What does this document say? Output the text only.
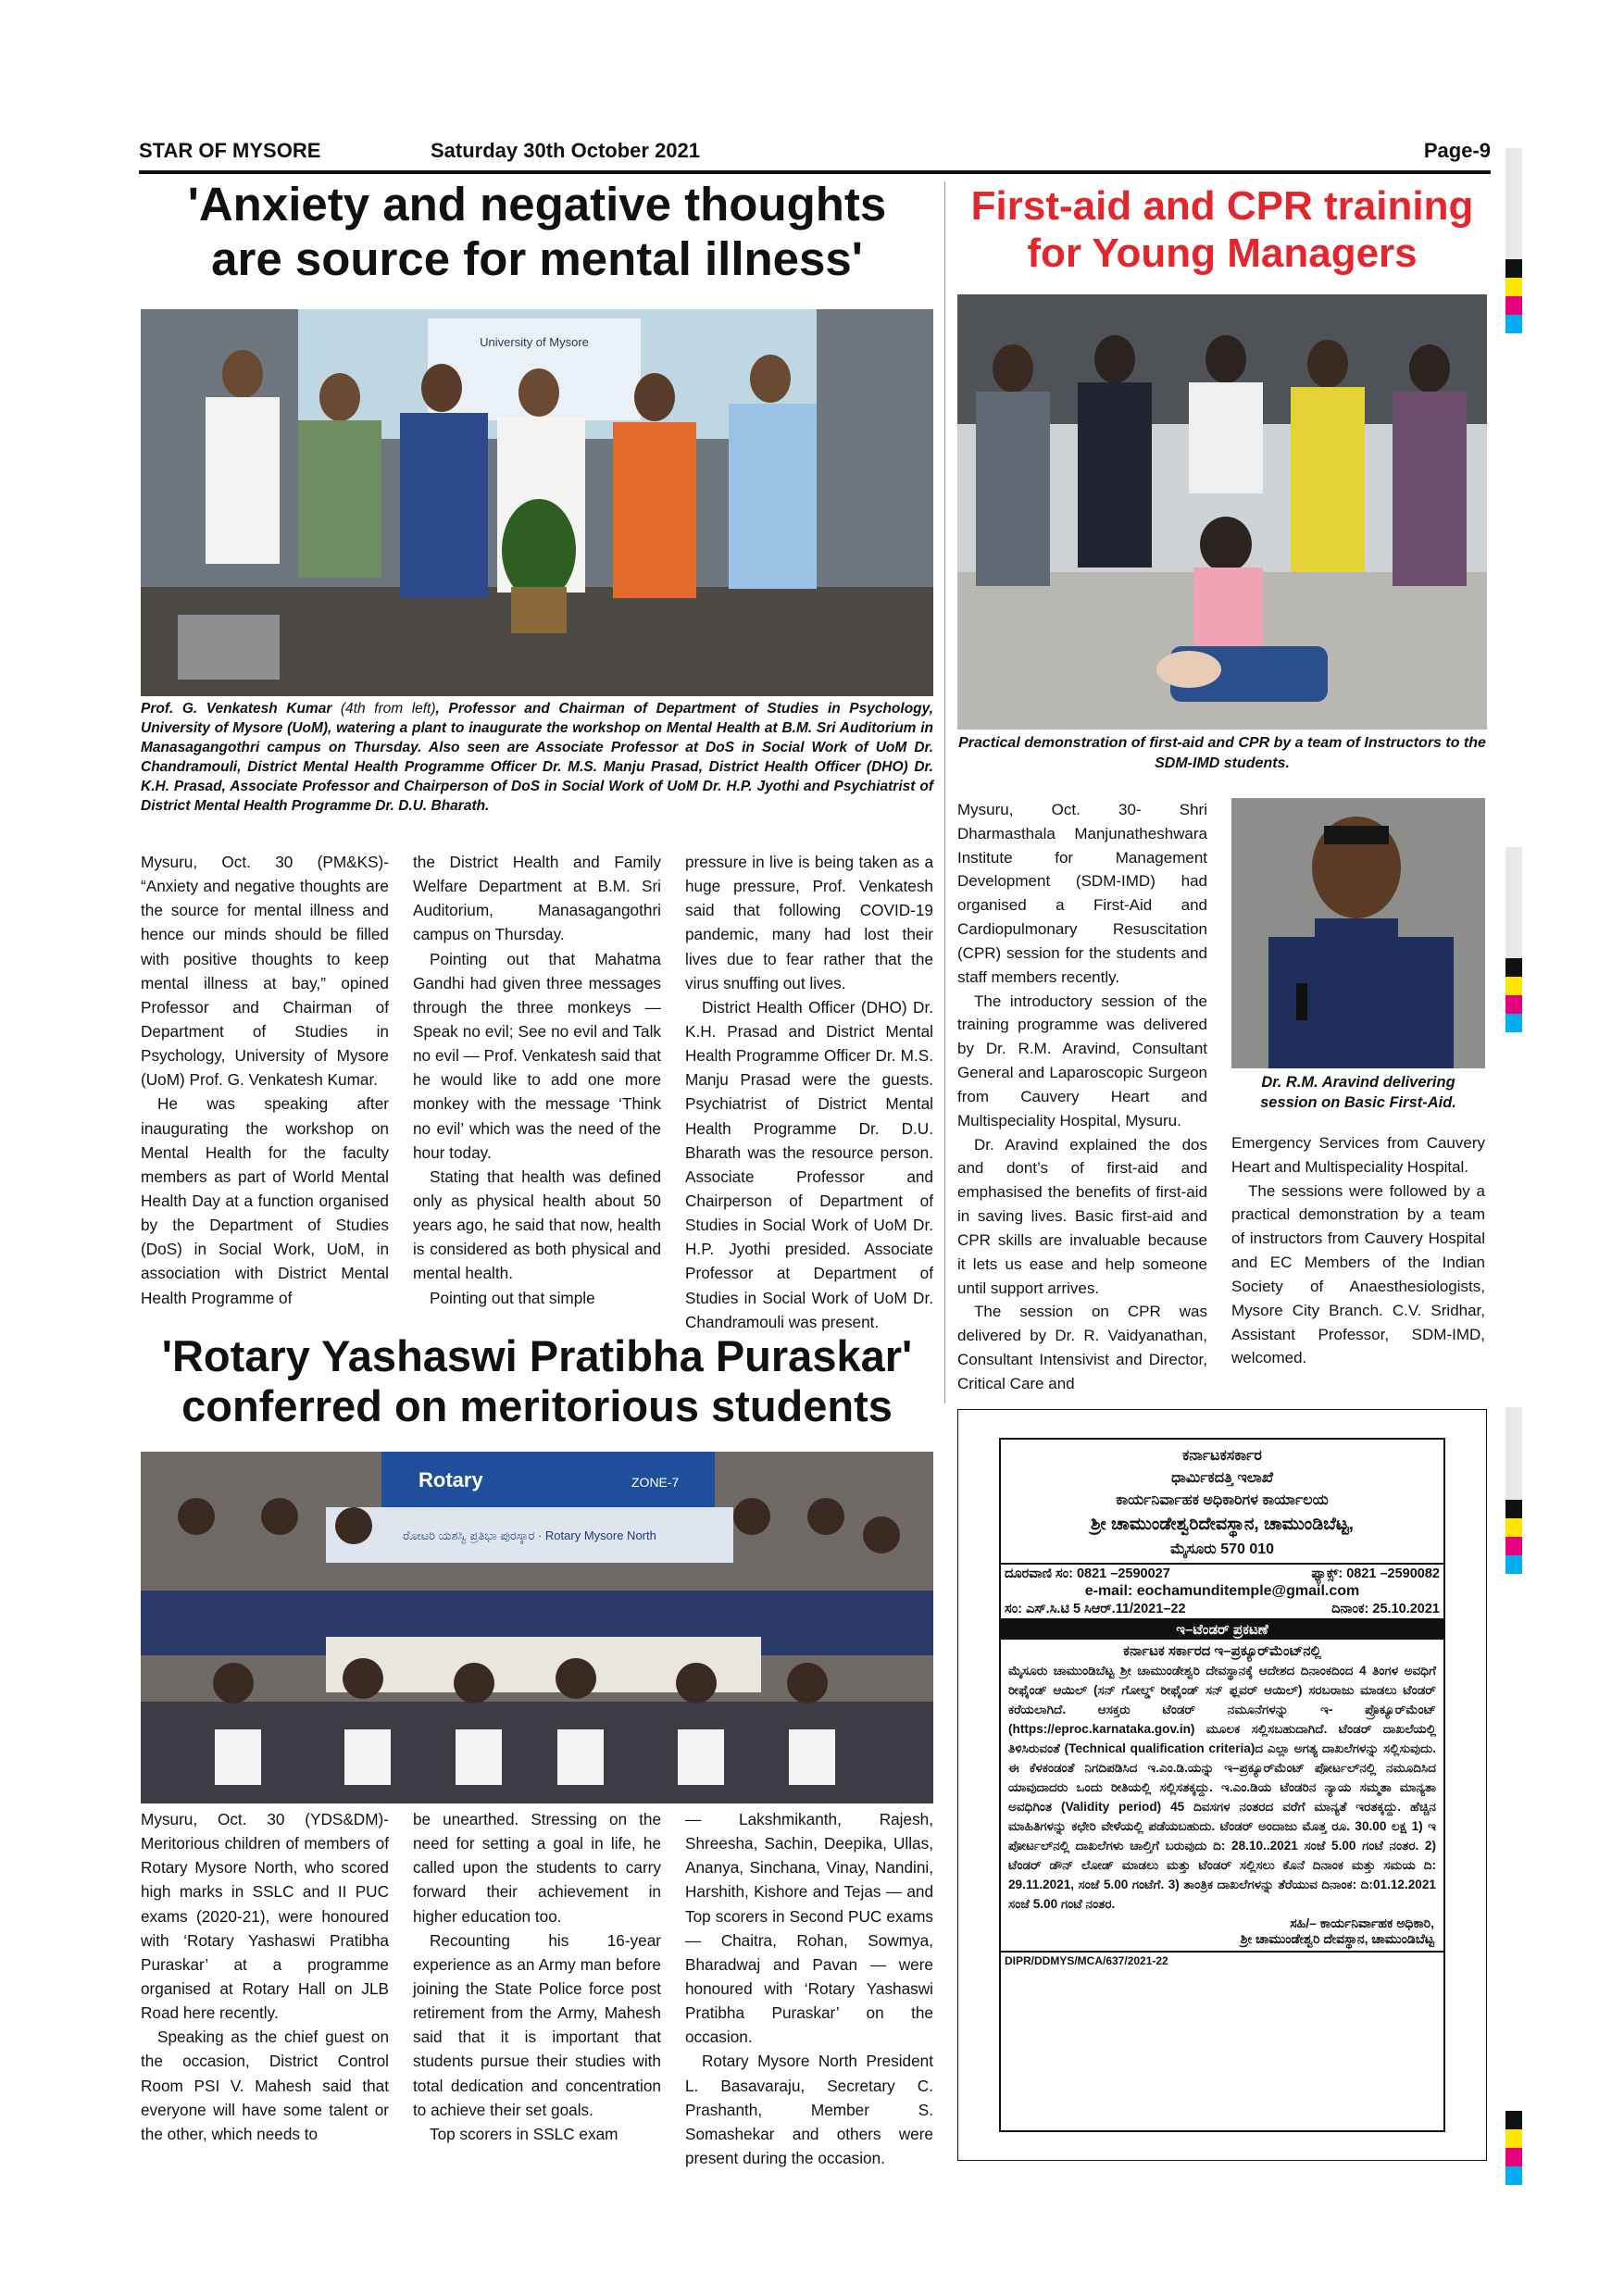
STAR OF MYSORE	Saturday 30th October 2021	Page-9
'Anxiety and negative thoughts
are source for mental illness'
University of Mysore
Prof. G. Venkatesh Kumar (4th from left), Professor and Chairman of Department of Studies in Psychology, University of Mysore (UoM), watering a plant to inaugurate the workshop on Mental Health at B.M. Sri Auditorium in Manasagangothri campus on Thursday. Also seen are Associate Professor at DoS in Social Work of UoM Dr. Chandramouli, District Mental Health Programme Officer Dr. M.S. Manju Prasad, District Health Officer (DHO) Dr. K.H. Prasad, Associate Professor and Chairperson of DoS in Social Work of UoM Dr. H.P. Jyothi and Psychiatrist of District Mental Health Programme Dr. D.U. Bharath.

Mysuru, Oct. 30 (PM&KS)- “Anxiety and negative thoughts are the source for mental illness and hence our minds should be filled with positive thoughts to keep mental illness at bay,” opined Professor and Chairman of Department of Studies in Psychology, University of Mysore (UoM) Prof. G. Venkatesh Kumar.

He was speaking after inaugurating the workshop on Mental Health for the faculty members as part of World Mental Health Day at a function organised by the Department of Studies (DoS) in Social Work, UoM, in association with District Mental Health Programme of

the District Health and Family Welfare Department at B.M. Sri Auditorium, Manasagangothri campus on Thursday.

Pointing out that Mahatma Gandhi had given three messages through the three monkeys — Speak no evil; See no evil and Talk no evil — Prof. Venkatesh said that he would like to add one more monkey with the message ‘Think no evil’ which was the need of the hour today.

Stating that health was defined only as physical health about 50 years ago, he said that now, health is considered as both physical and mental health.

Pointing out that simple

pressure in live is being taken as a huge pressure, Prof. Venkatesh said that following COVID-19 pandemic, many had lost their lives due to fear rather that the virus snuffing out lives.

District Health Officer (DHO) Dr. K.H. Prasad and District Mental Health Programme Officer Dr. M.S. Manju Prasad were the guests. Psychiatrist of District Mental Health Programme Dr. D.U. Bharath was the resource person. Associate Professor and Chairperson of Department of Studies in Social Work of UoM Dr. H.P. Jyothi presided. Associate Professor at Department of Studies in Social Work of UoM Dr. Chandramouli was present.

First-aid and CPR training
for Young Managers
Practical demonstration of first-aid and CPR by a team of Instructors to the SDM-IMD students.

Mysuru, Oct. 30- Shri Dharmasthala Manjunatheshwara Institute for Management Development (SDM-IMD) had organised a First-Aid and Cardiopulmonary Resuscitation (CPR) session for the students and staff members recently.

The introductory session of the training programme was delivered by Dr. R.M. Aravind, Consultant General and Laparoscopic Surgeon from Cauvery Heart and Multispeciality Hospital, Mysuru.

Dr. Aravind explained the dos and dont’s of first-aid and emphasised the benefits of first-aid in saving lives. Basic first-aid and CPR skills are invaluable because it lets us ease and help someone until support arrives.

The session on CPR was delivered by Dr. R. Vaidyanathan, Consultant Intensivist and Director, Critical Care and

Dr. R.M. Aravind delivering session on Basic First-Aid.

Emergency Services from Cauvery Heart and Multispeciality Hospital.

The sessions were followed by a practical demonstration by a team of instructors from Cauvery Hospital and EC Members of the Indian Society of Anaesthesiologists, Mysore City Branch. C.V. Sridhar, Assistant Professor, SDM-IMD, welcomed.

'Rotary Yashaswi Pratibha Puraskar'
conferred on meritorious students
Rotary	ZONE-7
ರೋಟರಿ ಯಶಸ್ವಿ ಪ್ರತಿಭಾ ಪುರಸ್ಕಾರ · Rotary Mysore North

Mysuru, Oct. 30 (YDS&DM)- Meritorious children of members of Rotary Mysore North, who scored high marks in SSLC and II PUC exams (2020-21), were honoured with ‘Rotary Yashaswi Pratibha Puraskar’ at a programme organised at Rotary Hall on JLB Road here recently.

Speaking as the chief guest on the occasion, District Control Room PSI V. Mahesh said that everyone will have some talent or the other, which needs to

be unearthed. Stressing on the need for setting a goal in life, he called upon the students to carry forward their achievement in higher education too.

Recounting his 16-year experience as an Army man before joining the State Police force post retirement from the Army, Mahesh said that it is important that students pursue their studies with total dedication and concentration to achieve their set goals.

Top scorers in SSLC exam

— Lakshmikanth, Rajesh, Shreesha, Sachin, Deepika, Ullas, Ananya, Sinchana, Vinay, Nandini, Harshith, Kishore and Tejas — and Top scorers in Second PUC exams — Chaitra, Rohan, Sowmya, Bharadwaj and Pavan — were honoured with ‘Rotary Yashaswi Pratibha Puraskar’ on the occasion.

Rotary Mysore North President L. Basavaraju, Secretary C. Prashanth, Member S. Somashekar and others were present during the occasion.

ಕರ್ನಾಟಕಸರ್ಕಾರ
ಧಾರ್ಮಿಕದತ್ತಿ ಇಲಾಖೆ
ಕಾರ್ಯನಿರ್ವಾಹಕ ಅಧಿಕಾರಿಗಳ ಕಾರ್ಯಾಲಯ
ಶ್ರೀ ಚಾಮುಂಡೇಶ್ವರಿದೇವಸ್ಥಾನ, ಚಾಮುಂಡಿಬೆಟ್ಟ,
ಮೈಸೂರು 570 010
ದೂರವಾಣಿ ಸಂ: 0821 –2590027	ಫ್ಯಾಕ್ಸ್: 0821 –2590082
e-mail: eochamunditemple@gmail.com
ಸಂ: ಎಸ್.ಸಿ.ಟಿ 5 ಸಿಆರ್.11/2021–22	ದಿನಾಂಕ: 25.10.2021
ಇ–ಟೆಂಡರ್ ಪ್ರಕಟಣೆ
ಕರ್ನಾಟಕ ಸರ್ಕಾರದ ಇ–ಪ್ರಕ್ಯೂರ್‌ಮೆಂಟ್‌ನಲ್ಲಿ
ಮೈಸೂರು ಚಾಮುಂಡಿಬೆಟ್ಟ ಶ್ರೀ ಚಾಮುಂಡೇಶ್ವರಿ ದೇವಸ್ಥಾನಕ್ಕೆ ಆದೇಶದ ದಿನಾಂಕದಿಂದ 4 ತಿಂಗಳ ಅವಧಿಗೆ ರೀಫೈಂಡ್ ಆಯಿಲ್ (ಸನ್ ಗೋಲ್ಡ್ ರೀಫೈಂಡ್ ಸನ್ ಫ್ಲವರ್ ಆಯಿಲ್) ಸರಬರಾಜು ಮಾಡಲು ಟೆಂಡರ್ ಕರೆಯಲಾಗಿದೆ. ಆಸಕ್ತರು ಟೆಂಡರ್ ನಮೂನೆಗಳನ್ನು ಇ- ಪ್ರೊಕ್ಯೂರ್‌ಮೆಂಟ್ (https://eproc.karnataka.gov.in) ಮೂಲಕ ಸಲ್ಲಿಸಬಹುದಾಗಿದೆ. ಟೆಂಡರ್ ದಾಖಲೆಯಲ್ಲಿ ತಿಳಿಸಿರುವಂತೆ (Technical qualification criteria)ದ ಎಲ್ಲಾ ಅಗತ್ಯ ದಾಖಲೆಗಳನ್ನು ಸಲ್ಲಿಸುವುದು. ಈ ಕೆಳಕಂಡಂತೆ ನಿಗದಿಪಡಿಸಿದ ಇ.ಎಂ.ಡಿ.ಯನ್ನು ಇ–ಪ್ರಕ್ಯೂರ್‌ಮೆಂಟ್ ಪೋರ್ಟಲ್‌ನಲ್ಲಿ ನಮೂದಿಸಿದ ಯಾವುದಾದರು ಒಂದು ರೀತಿಯಲ್ಲಿ ಸಲ್ಲಿಸತಕ್ಕದ್ದು. ಇ.ಎಂ.ಡಿಯ ಟೆಂಡರಿನ ನ್ಯಾಯ ಸಮ್ಮತಾ ಮಾನ್ಯತಾ ಅವಧಿಗಿಂತ (Validity period) 45 ದಿವಸಗಳ ನಂತರದ ವರೆಗೆ ಮಾನ್ಯತೆ ಇರತಕ್ಕದ್ದು. ಹೆಚ್ಚಿನ ಮಾಹಿತಿಗಳನ್ನು ಕಛೇರಿ ವೇಳೆಯಲ್ಲಿ ಪಡೆಯಬಹುದು. ಟೆಂಡರ್ ಅಂದಾಜು ಮೊತ್ತ ರೂ. 30.00 ಲಕ್ಷ 1) ಇ ಪೋರ್ಟಲ್‌ನಲ್ಲಿ ದಾಖಲೆಗಳು ಚಾಲ್ತಿಗೆ ಬರುವುದು ದಿ: 28.10..2021 ಸಂಜೆ 5.00 ಗಂಟೆ ನಂತರ. 2) ಟೆಂಡರ್ ಡೌನ್ ಲೋಡ್ ಮಾಡಲು ಮತ್ತು ಟೆಂಡರ್ ಸಲ್ಲಿಸಲು ಕೊನೆ ದಿನಾಂಕ ಮತ್ತು ಸಮಯ ದಿ: 29.11.2021, ಸಂಜೆ 5.00 ಗಂಟೆಗೆ. 3) ತಾಂತ್ರಿಕ ದಾಖಲೆಗಳನ್ನು ತೆರೆಯುವ ದಿನಾಂಕ: ದಿ:01.12.2021 ಸಂಜೆ 5.00 ಗಂಟೆ ನಂತರ.
ಸಹಿ/– ಕಾರ್ಯನಿರ್ವಾಹಕ ಅಧಿಕಾರಿ,
ಶ್ರೀ ಚಾಮುಂಡೇಶ್ವರಿ ದೇವಸ್ಥಾನ, ಚಾಮುಂಡಿಬೆಟ್ಟ
DIPR/DDMYS/MCA/637/2021-22
